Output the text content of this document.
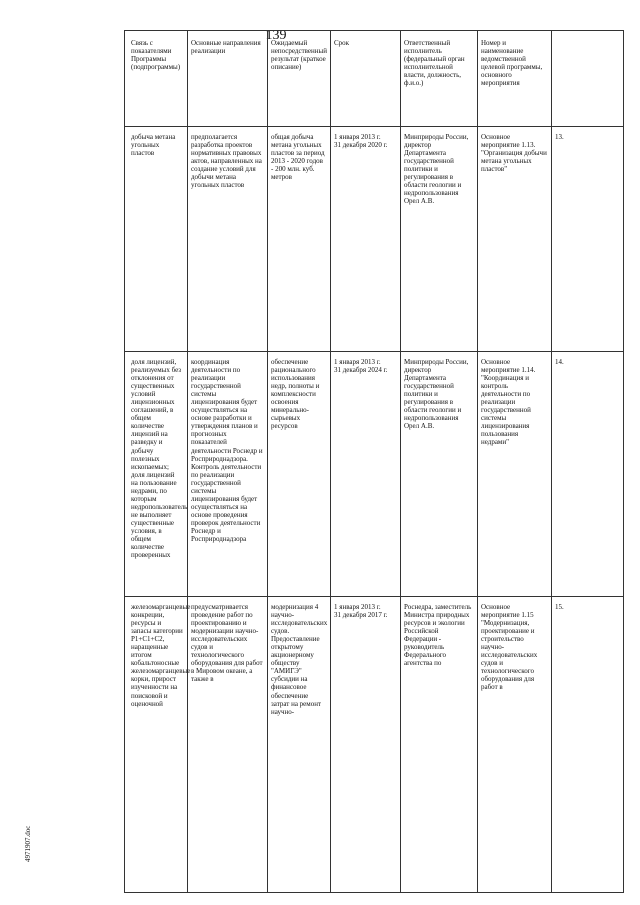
139
4971907.doc
Связь с показателями Программы (подпрограммы)
Основные направления реализации
Ожидаемый непосредственный результат (краткое описание)
Срок	Ответственный исполнитель (федеральный орган исполнительной власти, должность, ф.и.о.)
Номер и наименование ведомственной целевой программы, основного мероприятия
добыча метана угольных пластов
предполагается разработка проектов нормативных правовых актов, направленных на создание условий для добычи метана угольных пластов
общая добыча метана угольных пластов за период 2013 - 2020 годов - 200 млн. куб. метров
1 января 2013 г.
31 декабря 2020 г.
Минприроды России, директор Департамента государственной политики и регулирования в области геологии и недропользования Орел А.В.
Основное мероприятие 1.13. "Организация добычи метана угольных пластов"
13.
доля лицензий, реализуемых без отклонения от существенных условий лицензионных соглашений, в общем количестве лицензий на разведку и добычу полезных ископаемых; доля лицензий на пользование недрами, по которым недропользователь не выполняет существенные условия, в общем количестве проверенных
координация деятельности по реализации государственной системы лицензирования будет осуществляться на основе разработки и утверждения планов и прогнозных показателей деятельности Роснедр и Росприроднадзора. Контроль деятельности по реализации государственной системы лицензирования будет осуществляться на основе проведения проверок деятельности Роснедр и Росприроднадзора
обеспечение рационального использования недр, полноты и комплексности освоения минерально-сырьевых ресурсов
1 января 2013 г.
31 декабря 2024 г.
Минприроды России, директор Департамента государственной политики и регулирования в области геологии и недропользования Орел А.В.
Основное мероприятие 1.14. "Координация и контроль деятельности по реализации государственной системы лицензирования пользования недрами"
14.
железомарганцевые конкреции, ресурсы и запасы категории P1+C1+C2, наращенные итогом кобальтоносные железомарганцевые корки, прирост изученности на поисковой и оценочной
предусматривается проведение работ по проектированию и модернизации научно-исследовательских судов и технологического оборудования для работ в Мировом океане, а также в
модернизация 4 научно-исследовательских судов. Предоставление открытому акционерному обществу "АМИГЭ" субсидии на финансовое обеспечение затрат на ремонт научно-
1 января 2013 г.
31 декабря 2017 г.
Роснедра, заместитель Министра природных ресурсов и экологии Российской Федерации - руководитель Федерального агентства по
Основное мероприятие 1.15 "Модернизация, проектирование и строительство научно-исследовательских судов и технологического оборудования для работ в
15.
